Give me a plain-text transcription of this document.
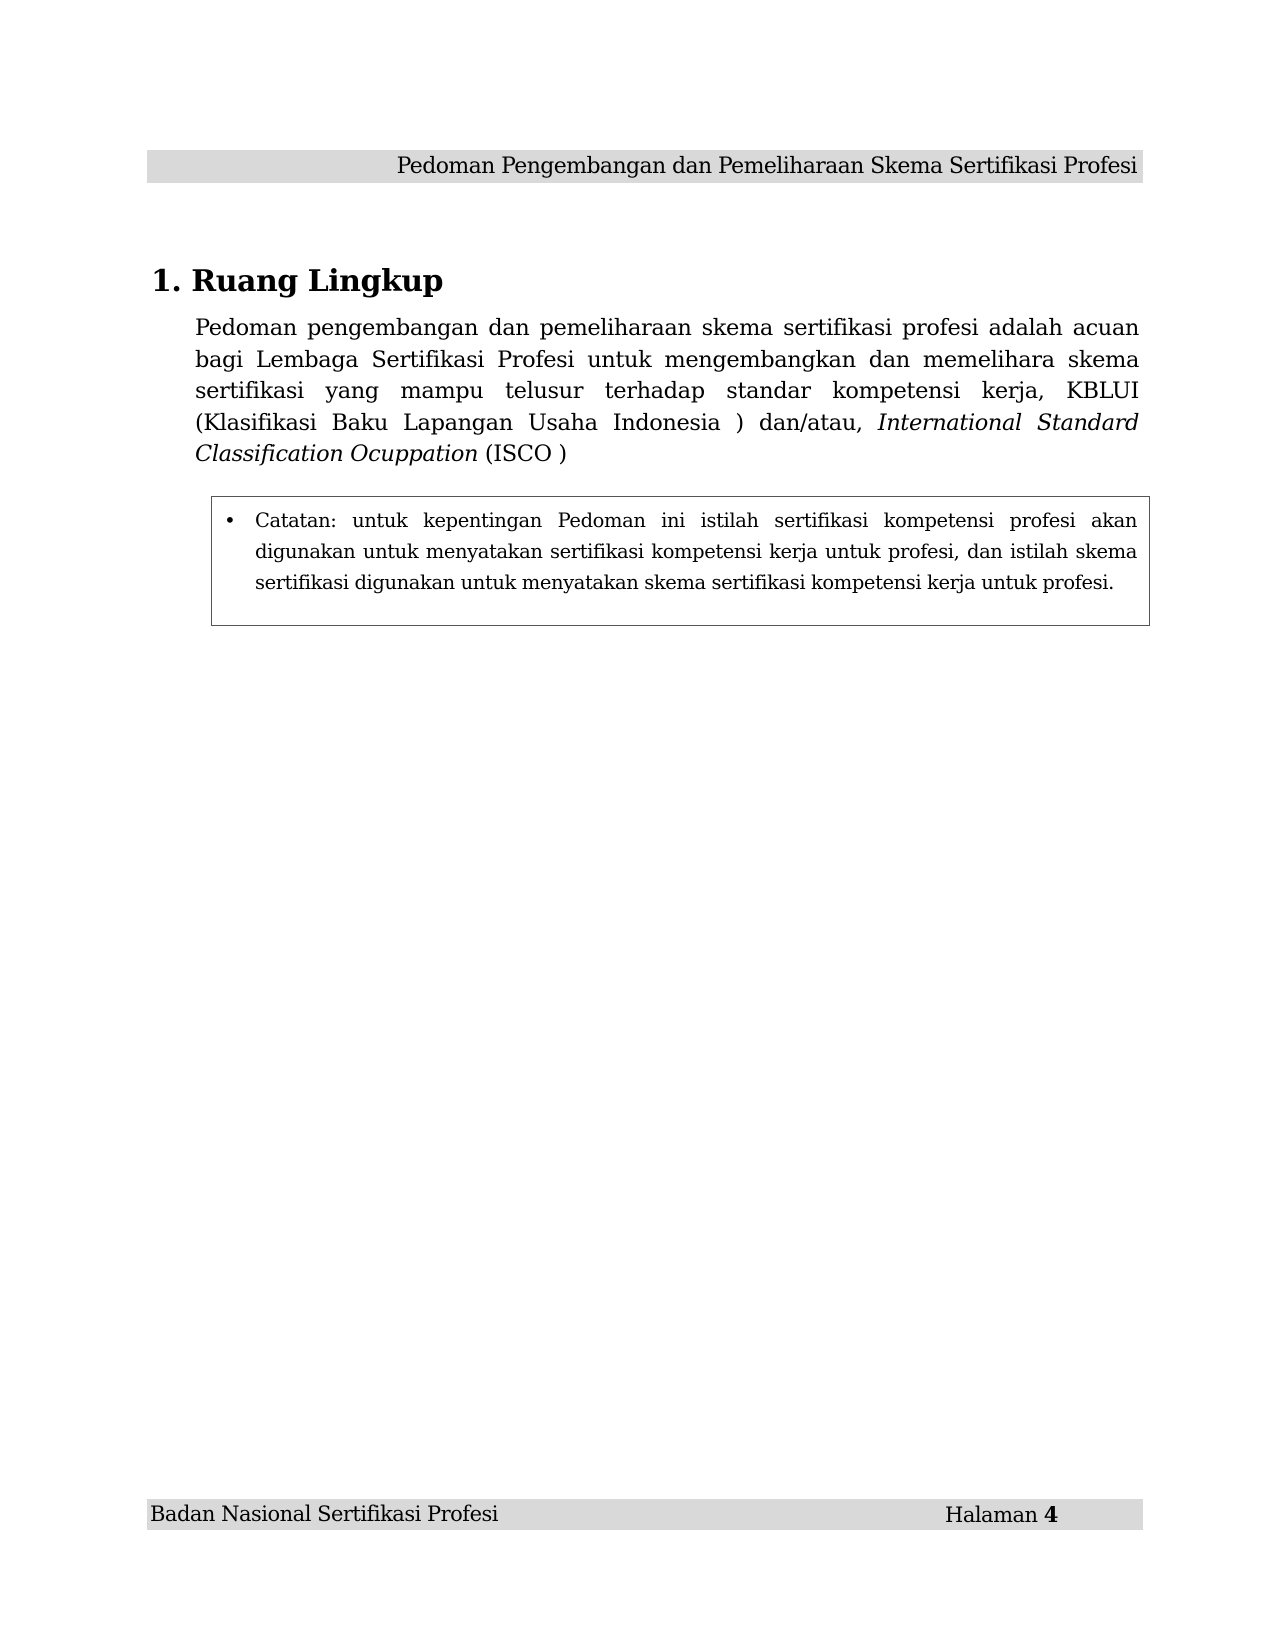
Pedoman Pengembangan dan Pemeliharaan Skema Sertifikasi Profesi
1. Ruang Lingkup

Pedoman pengembangan dan pemeliharaan skema sertifikasi profesi adalah acuan bagi Lembaga Sertifikasi Profesi untuk mengembangkan dan memelihara skema sertifikasi yang mampu telusur terhadap standar kompetensi kerja, KBLUI (Klasifikasi Baku Lapangan Usaha Indonesia ) dan/atau, International Standard Classification Ocuppation (ISCO )

• Catatan: untuk kepentingan Pedoman ini istilah sertifikasi kompetensi profesi akan digunakan untuk menyatakan sertifikasi kompetensi kerja untuk profesi, dan istilah skema sertifikasi digunakan untuk menyatakan skema sertifikasi kompetensi kerja untuk profesi.

Badan Nasional Sertifikasi Profesi	Halaman 4
